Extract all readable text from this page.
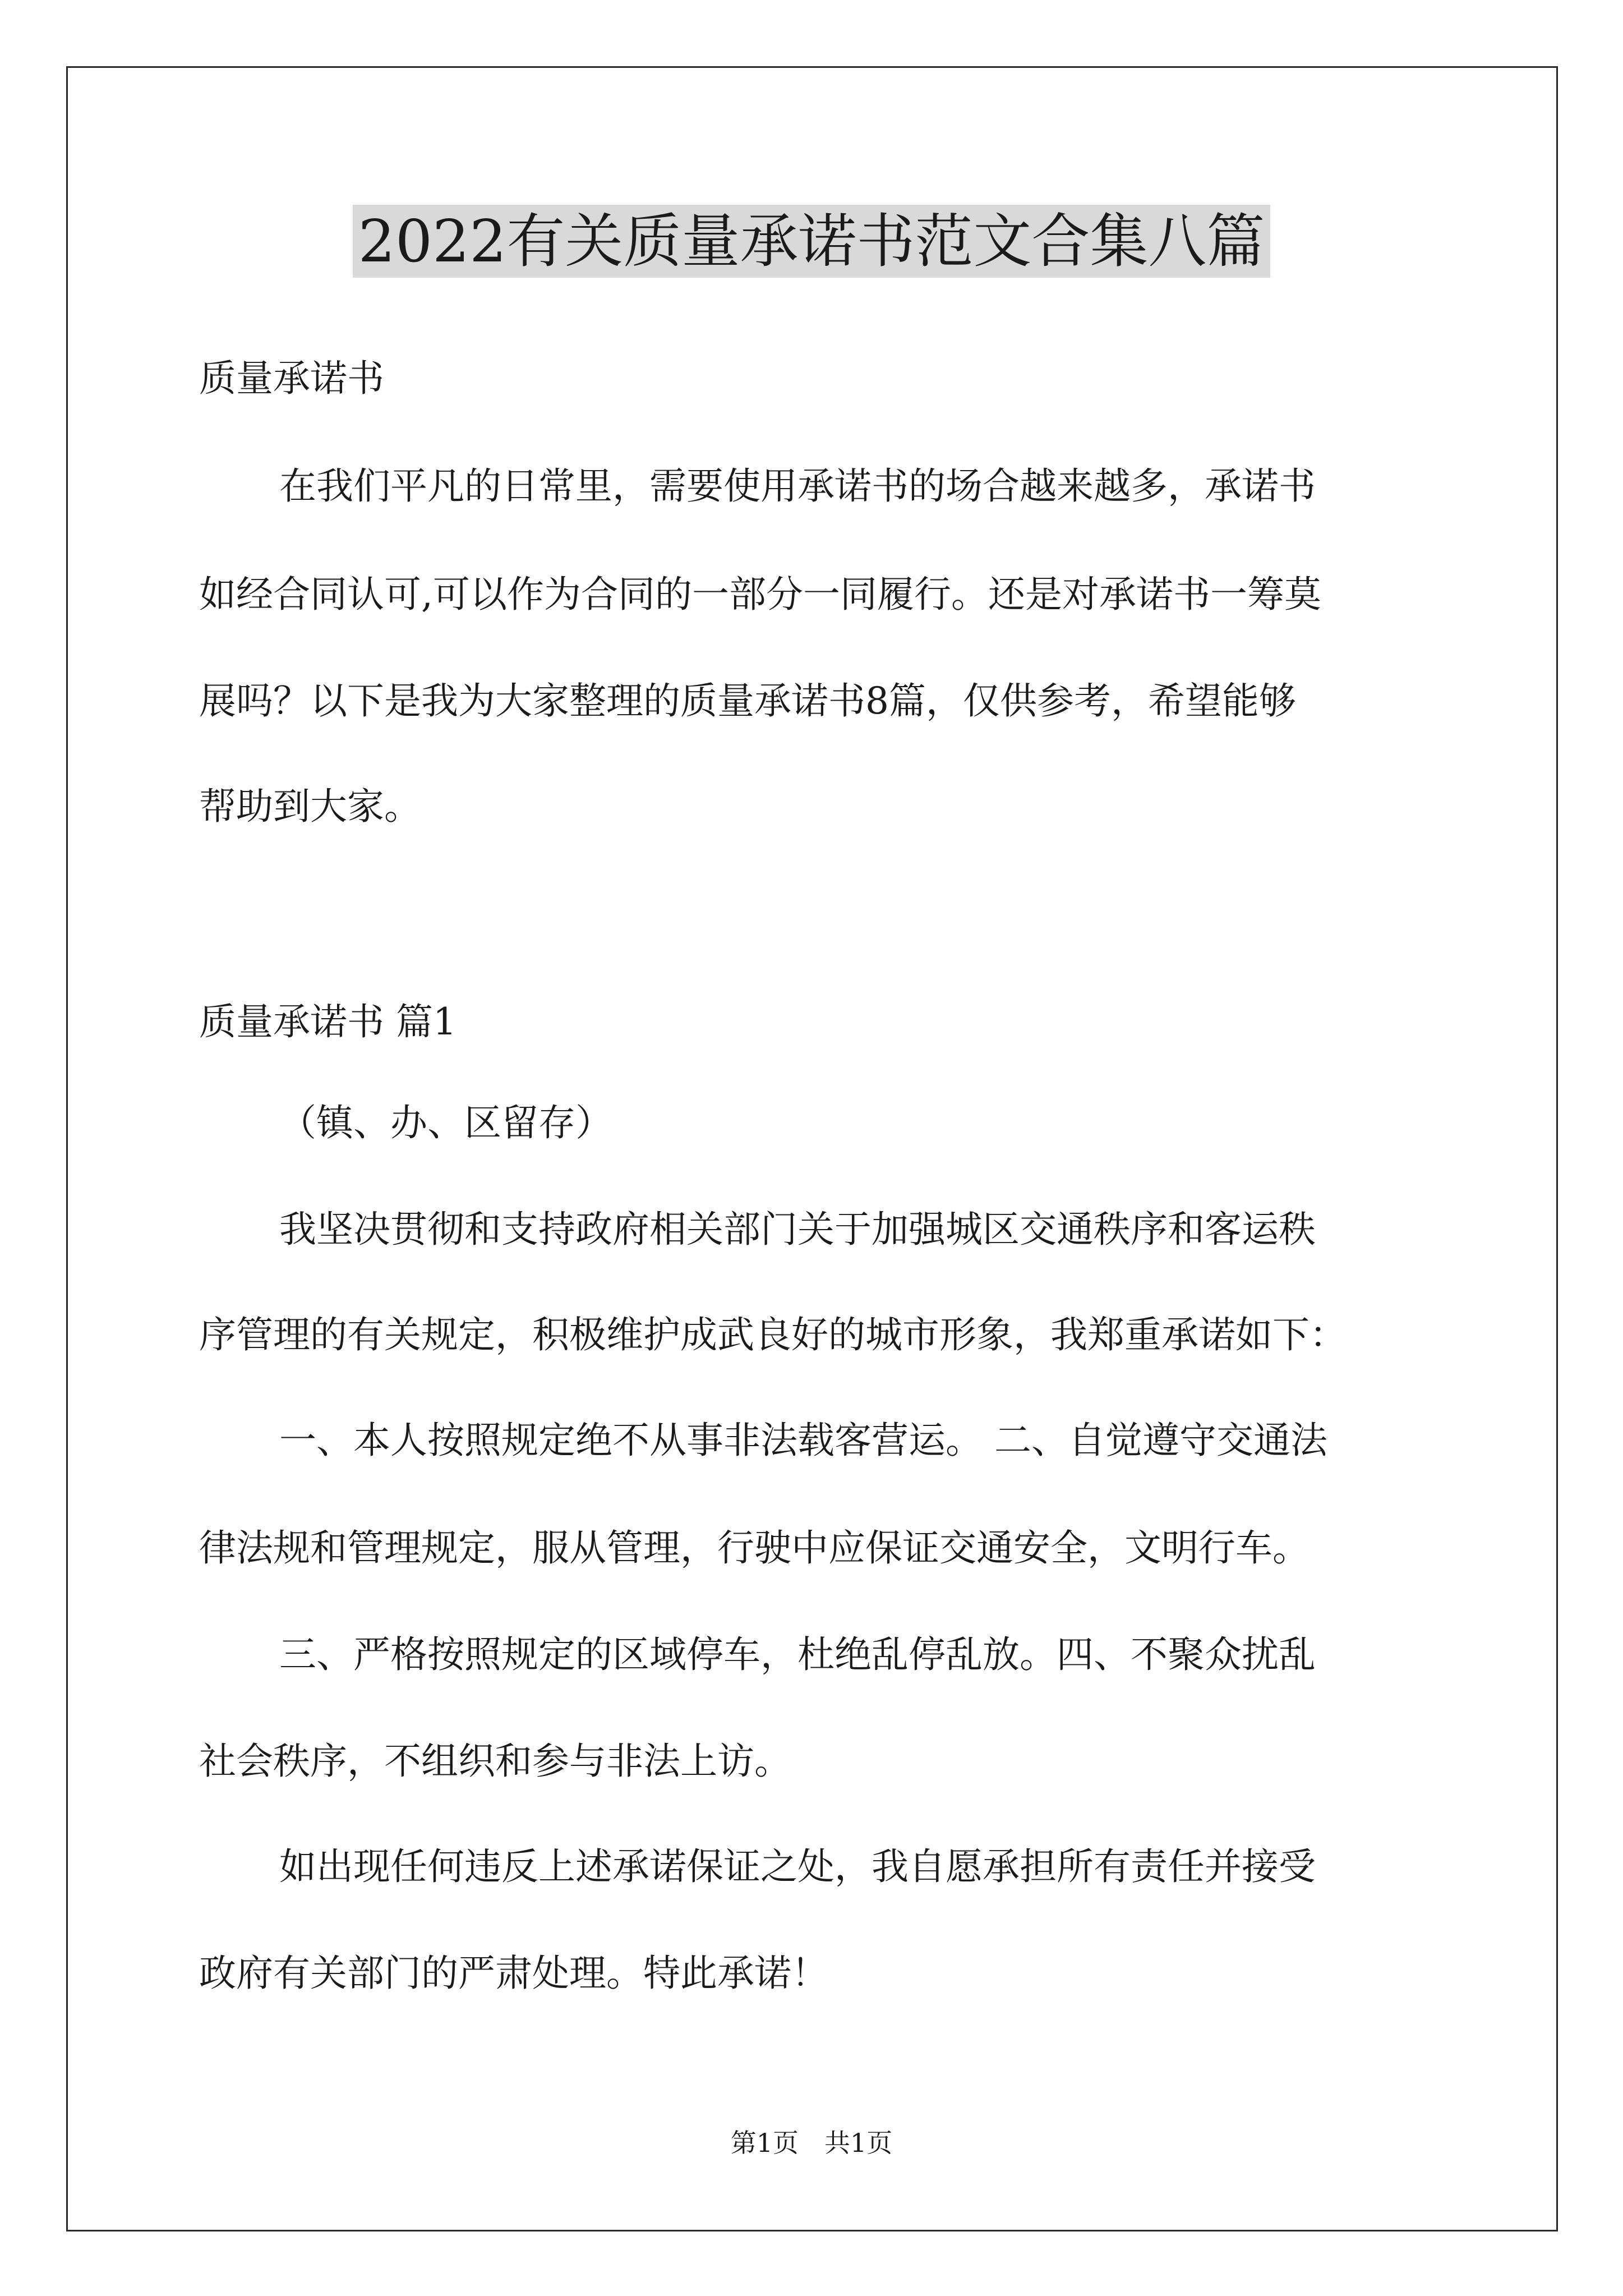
2022有关质量承诺书范文合集八篇
质量承诺书
在我们平凡的日常里，需要使用承诺书的场合越来越多，承诺书
如经合同认可,可以作为合同的一部分一同履行。还是对承诺书一筹莫
展吗？以下是我为大家整理的质量承诺书8篇，仅供参考，希望能够
帮助到大家。
质量承诺书 篇1
（镇、办、区留存）
我坚决贯彻和支持政府相关部门关于加强城区交通秩序和客运秩
序管理的有关规定，积极维护成武良好的城市形象，我郑重承诺如下：
一、本人按照规定绝不从事非法载客营运。 二、自觉遵守交通法
律法规和管理规定，服从管理，行驶中应保证交通安全，文明行车。
三、严格按照规定的区域停车，杜绝乱停乱放。四、不聚众扰乱
社会秩序，不组织和参与非法上访。
如出现任何违反上述承诺保证之处，我自愿承担所有责任并接受
政府有关部门的严肃处理。特此承诺！
第1页　共1页
